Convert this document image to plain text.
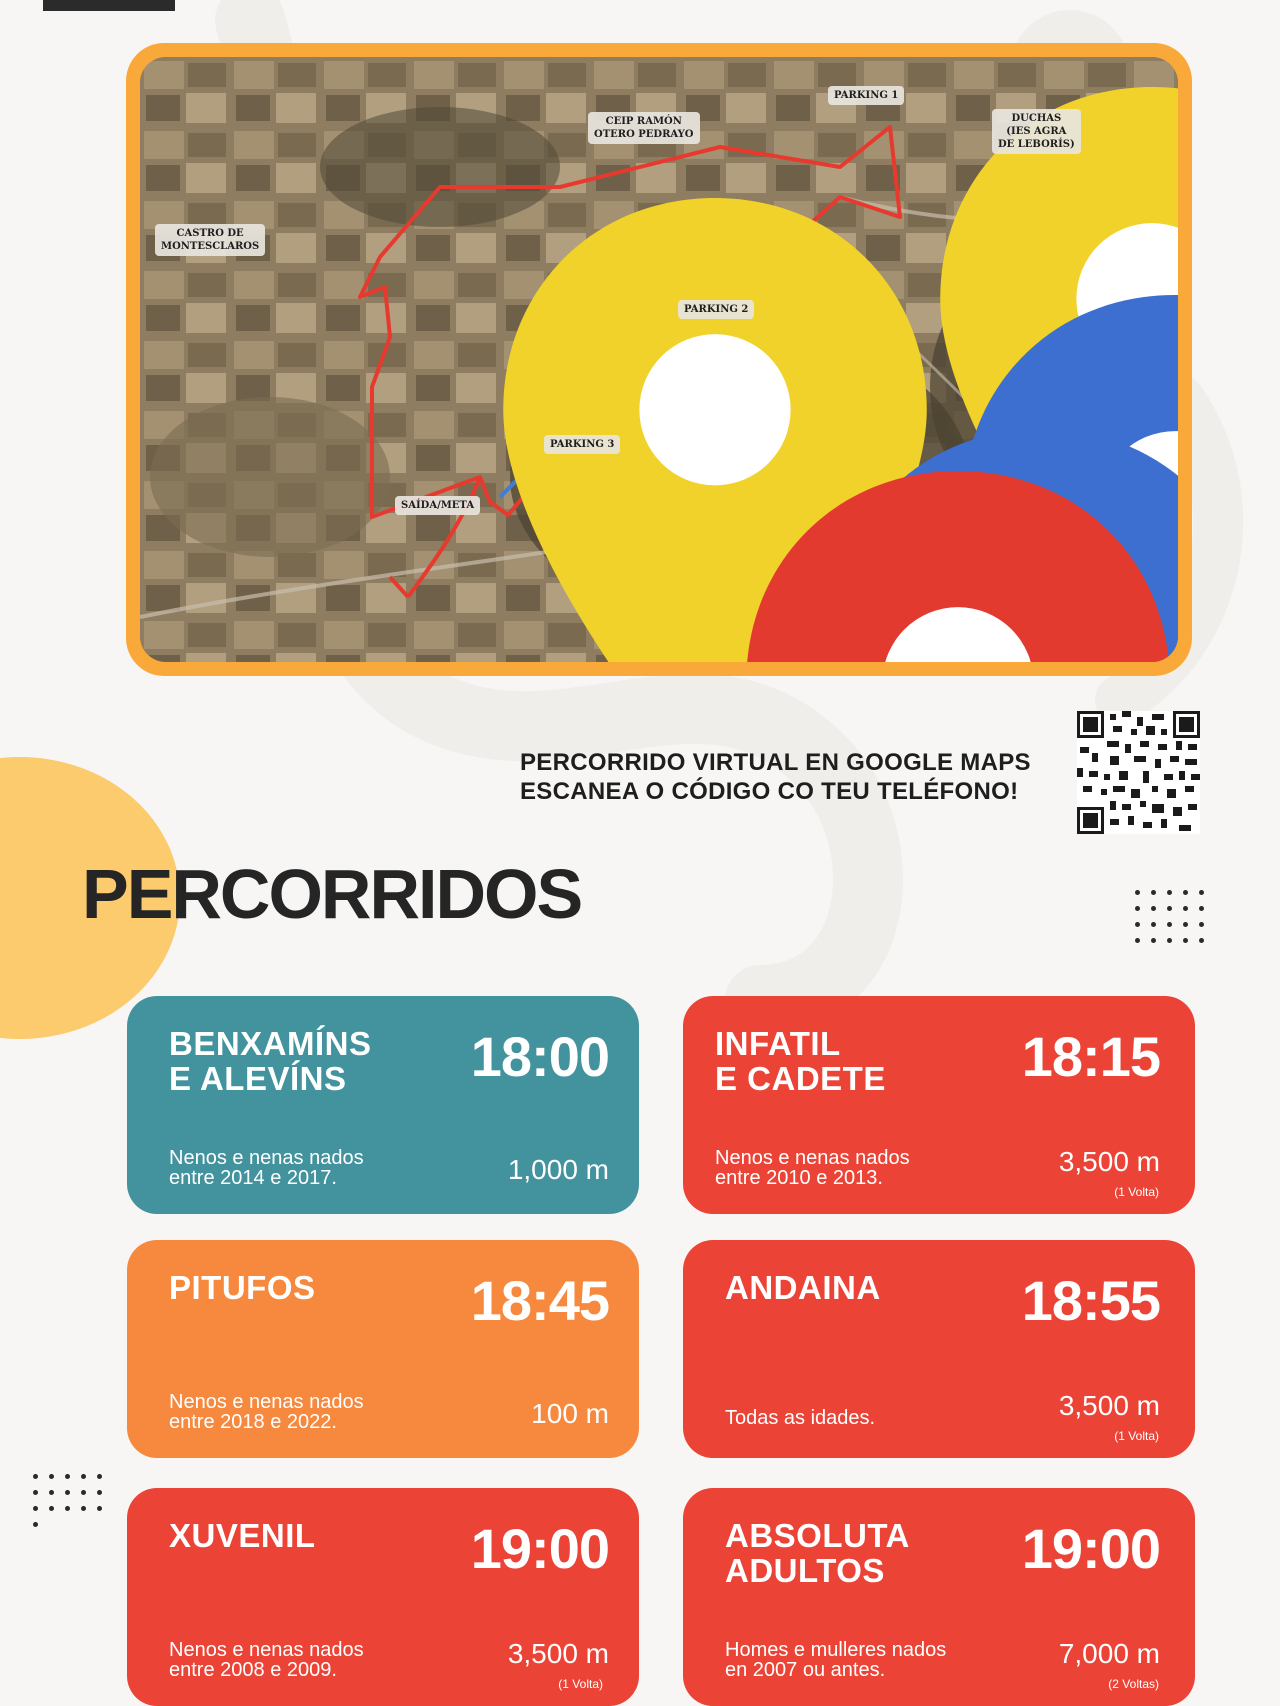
PARKING 1
CEIP RAMÓN
OTERO PEDRAYO
DUCHAS
(IES AGRA
DE LEBORÍS)
CASTRO DE
MONTESCLAROS
PARKING 2
PARKING 3
SAÍDA/META
PERCORRIDO VIRTUAL EN GOOGLE MAPS
ESCANEA O CÓDIGO CO TEU TELÉFONO!
PERCORRIDOS
BENXAMÍNS
E ALEVÍNS	18:00
Nenos e nenas nados
entre 2014 e 2017.	1,000 m
INFATIL
E CADETE 18:15
Nenos e nenas nados
entre 2010 e 2013.
3,500 m
(1 Volta)
PITUFOS	18:45
Nenos e nenas nados
entre 2018 e 2022.	100 m
ANDAINA	18:55
Todas as idades.	3,500 m
(1 Volta)
XUVENIL	19:00
Nenos e nenas nados
entre 2008 e 2009.
3,500 m
(1 Volta)
ABSOLUTA
ADULTOS	19:00
Homes e mulleres nados
en 2007 ou antes.
7,000 m
(2 Voltas)
